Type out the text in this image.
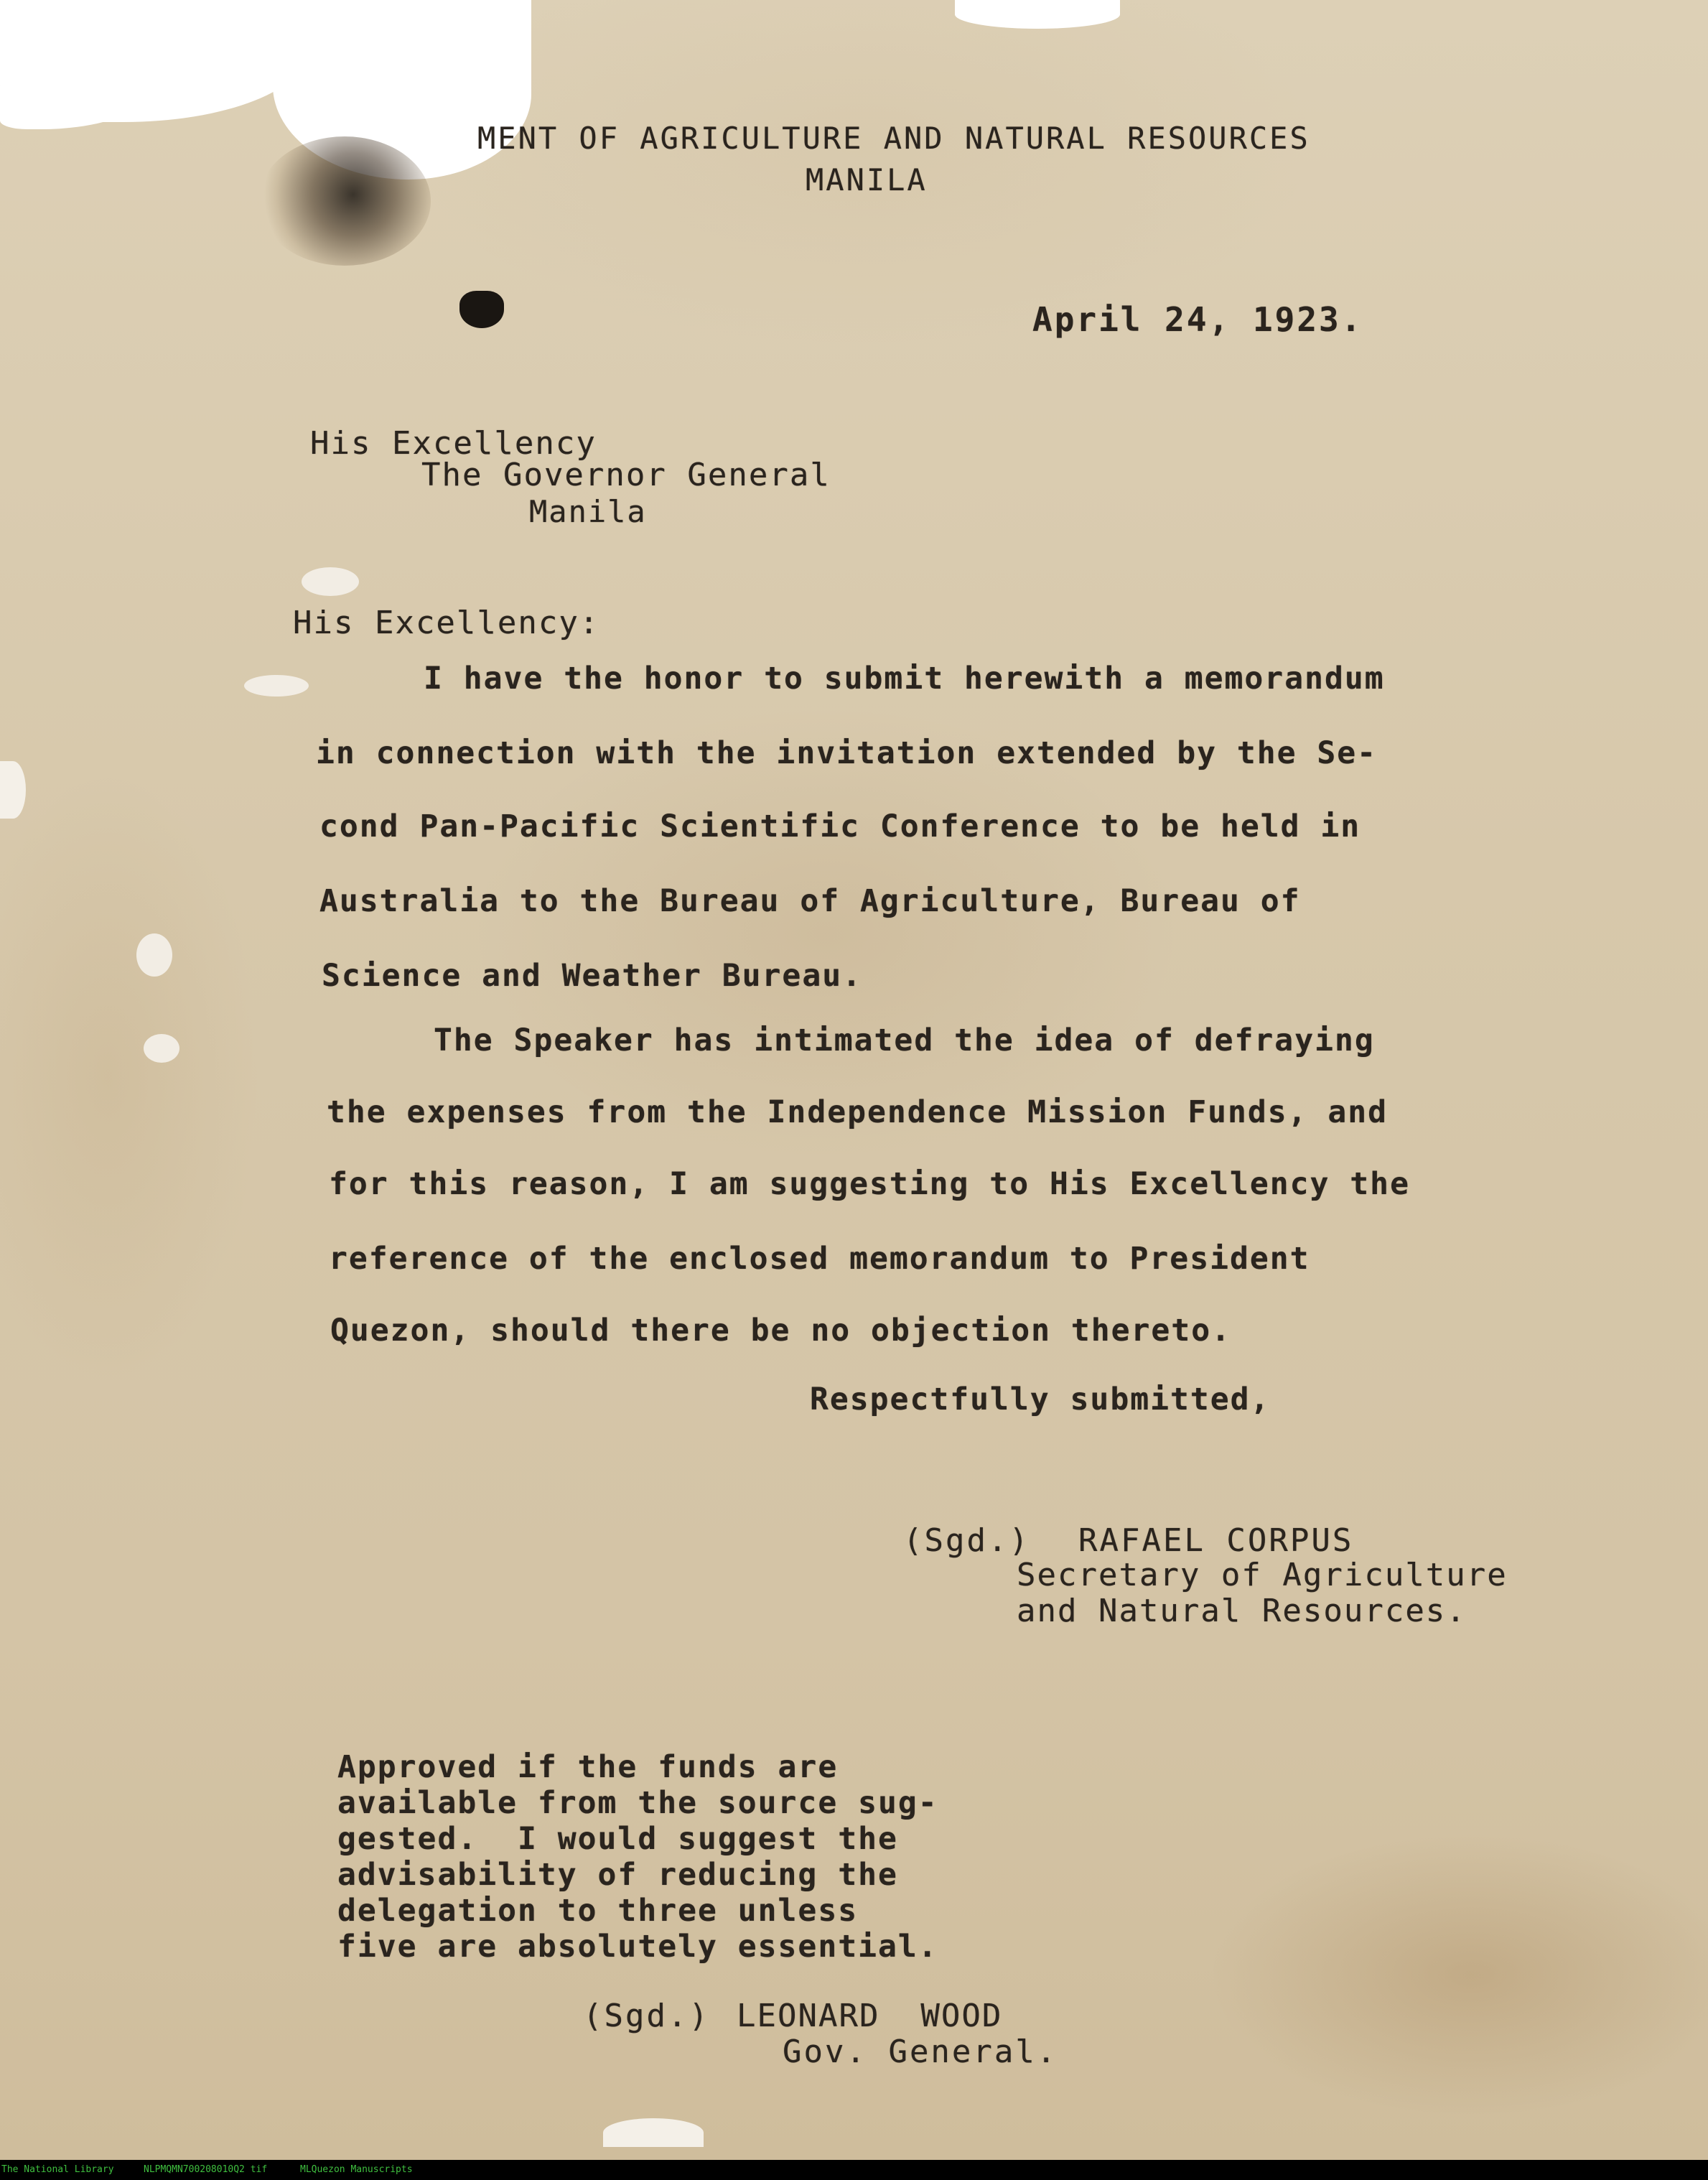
MENT OF AGRICULTURE AND NATURAL RESOURCES
MANILA
April 24, 1923.
His Excellency
The Governor General
Manila
His Excellency:
I have the honor to submit herewith a memorandum
in connection with the invitation extended by the Se-
cond Pan-Pacific Scientific Conference to be held in
Australia to the Bureau of Agriculture, Bureau of
Science and Weather Bureau.
The Speaker has intimated the idea of defraying
the expenses from the Independence Mission Funds, and
for this reason, I am suggesting to His Excellency the
reference of the enclosed memorandum to President
Quezon, should there be no objection thereto.
Respectfully submitted,
(Sgd.) RAFAEL CORPUS
Secretary of Agriculture
and Natural Resources.
Approved if the funds are
available from the source sug-
gested.  I would suggest the
advisability of reducing the
delegation to three unless
five are absolutely essential.
(Sgd.) LEONARD  WOOD
Gov. General.
The National Library	NLPMQMN700208010Q2 tif	MLQuezon Manuscripts
